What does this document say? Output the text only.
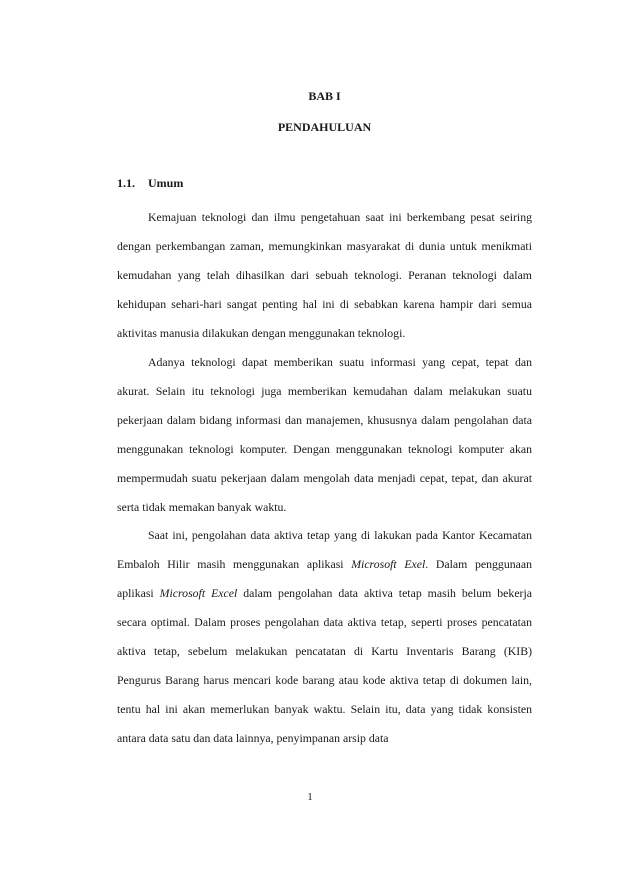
BAB I
PENDAHULUAN
1.1. Umum

Kemajuan teknologi dan ilmu pengetahuan saat ini berkembang pesat seiring dengan perkembangan zaman, memungkinkan masyarakat di dunia untuk menikmati kemudahan yang telah dihasilkan dari sebuah teknologi. Peranan teknologi dalam kehidupan sehari-hari sangat penting hal ini di sebabkan karena hampir dari semua aktivitas manusia dilakukan dengan menggunakan teknologi.

Adanya teknologi dapat memberikan suatu informasi yang cepat, tepat dan akurat. Selain itu teknologi juga memberikan kemudahan dalam melakukan suatu pekerjaan dalam bidang informasi dan manajemen, khususnya dalam pengolahan data menggunakan teknologi komputer. Dengan menggunakan teknologi komputer akan mempermudah suatu pekerjaan dalam mengolah data menjadi cepat, tepat, dan akurat serta tidak memakan banyak waktu.

Saat ini, pengolahan data aktiva tetap yang di lakukan pada Kantor Kecamatan Embaloh Hilir masih menggunakan aplikasi Microsoft Exel. Dalam penggunaan aplikasi Microsoft Excel dalam pengolahan data aktiva tetap masih belum bekerja secara optimal. Dalam proses pengolahan data aktiva tetap, seperti proses pencatatan aktiva tetap, sebelum melakukan pencatatan di Kartu Inventaris Barang (KIB) Pengurus Barang harus mencari kode barang atau kode aktiva tetap di dokumen lain, tentu hal ini akan memerlukan banyak waktu. Selain itu, data yang tidak konsisten antara data satu dan data lainnya, penyimpanan arsip data

1
